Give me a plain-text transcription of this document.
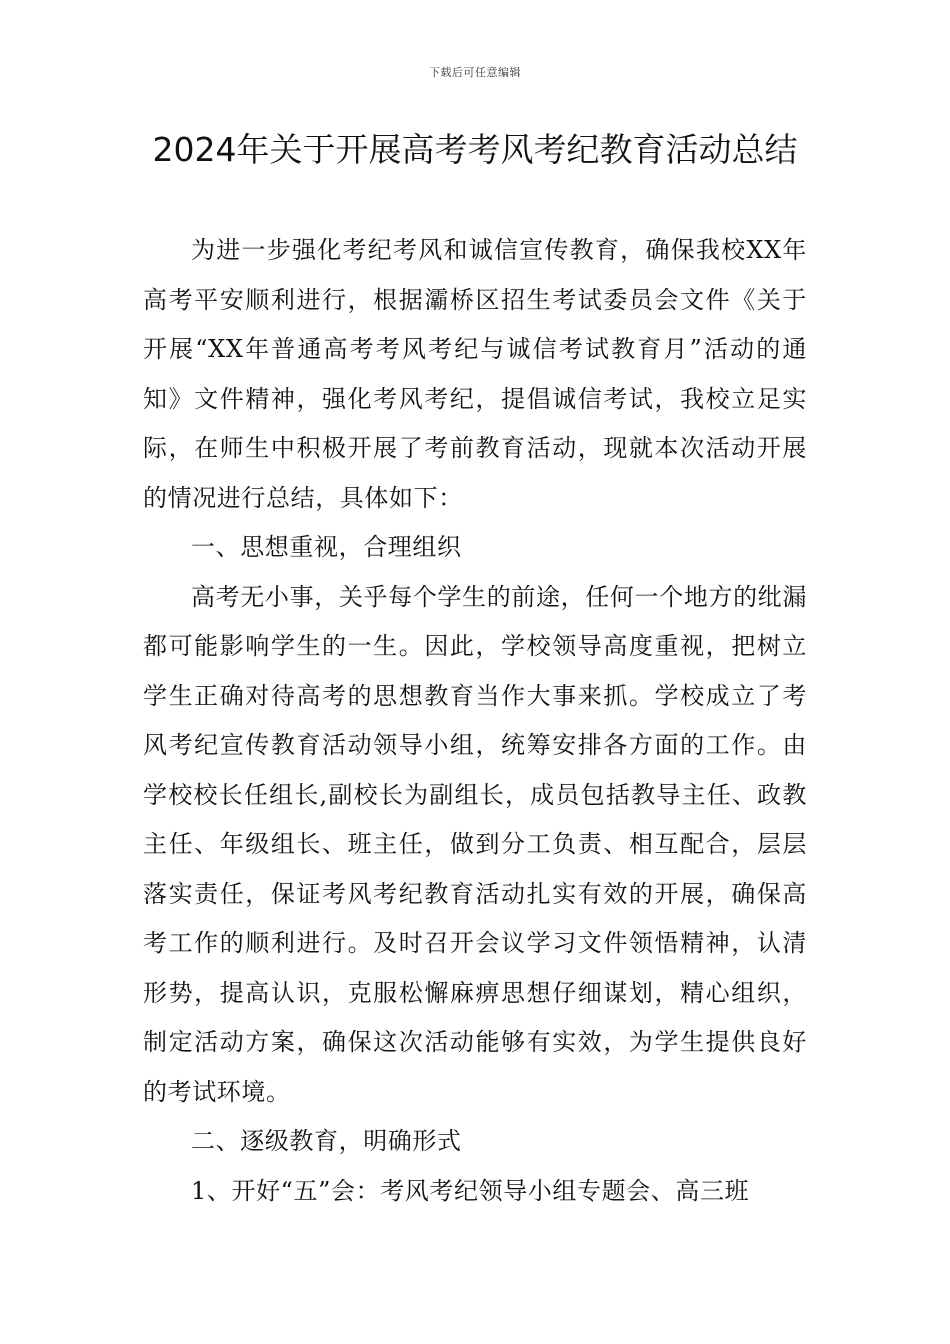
下载后可任意编辑
2024年关于开展高考考风考纪教育活动总结

为进一步强化考纪考风和诚信宣传教育，确保我校XX年高考平安顺利进行，根据灞桥区招生考试委员会文件《关于开展“XX年普通高考考风考纪与诚信考试教育月”活动的通知》文件精神，强化考风考纪，提倡诚信考试，我校立足实际，在师生中积极开展了考前教育活动，现就本次活动开展的情况进行总结，具体如下：

一、思想重视，合理组织

高考无小事，关乎每个学生的前途，任何一个地方的纰漏都可能影响学生的一生。因此，学校领导高度重视，把树立学生正确对待高考的思想教育当作大事来抓。学校成立了考风考纪宣传教育活动领导小组，统筹安排各方面的工作。由学校校长任组长,副校长为副组长，成员包括教导主任、政教主任、年级组长、班主任，做到分工负责、相互配合，层层落实责任，保证考风考纪教育活动扎实有效的开展，确保高考工作的顺利进行。及时召开会议学习文件领悟精神，认清形势，提高认识，克服松懈麻痹思想仔细谋划，精心组织，制定活动方案，确保这次活动能够有实效，为学生提供良好的考试环境。

二、逐级教育，明确形式

1、开好“五”会：考风考纪领导小组专题会、高三班
